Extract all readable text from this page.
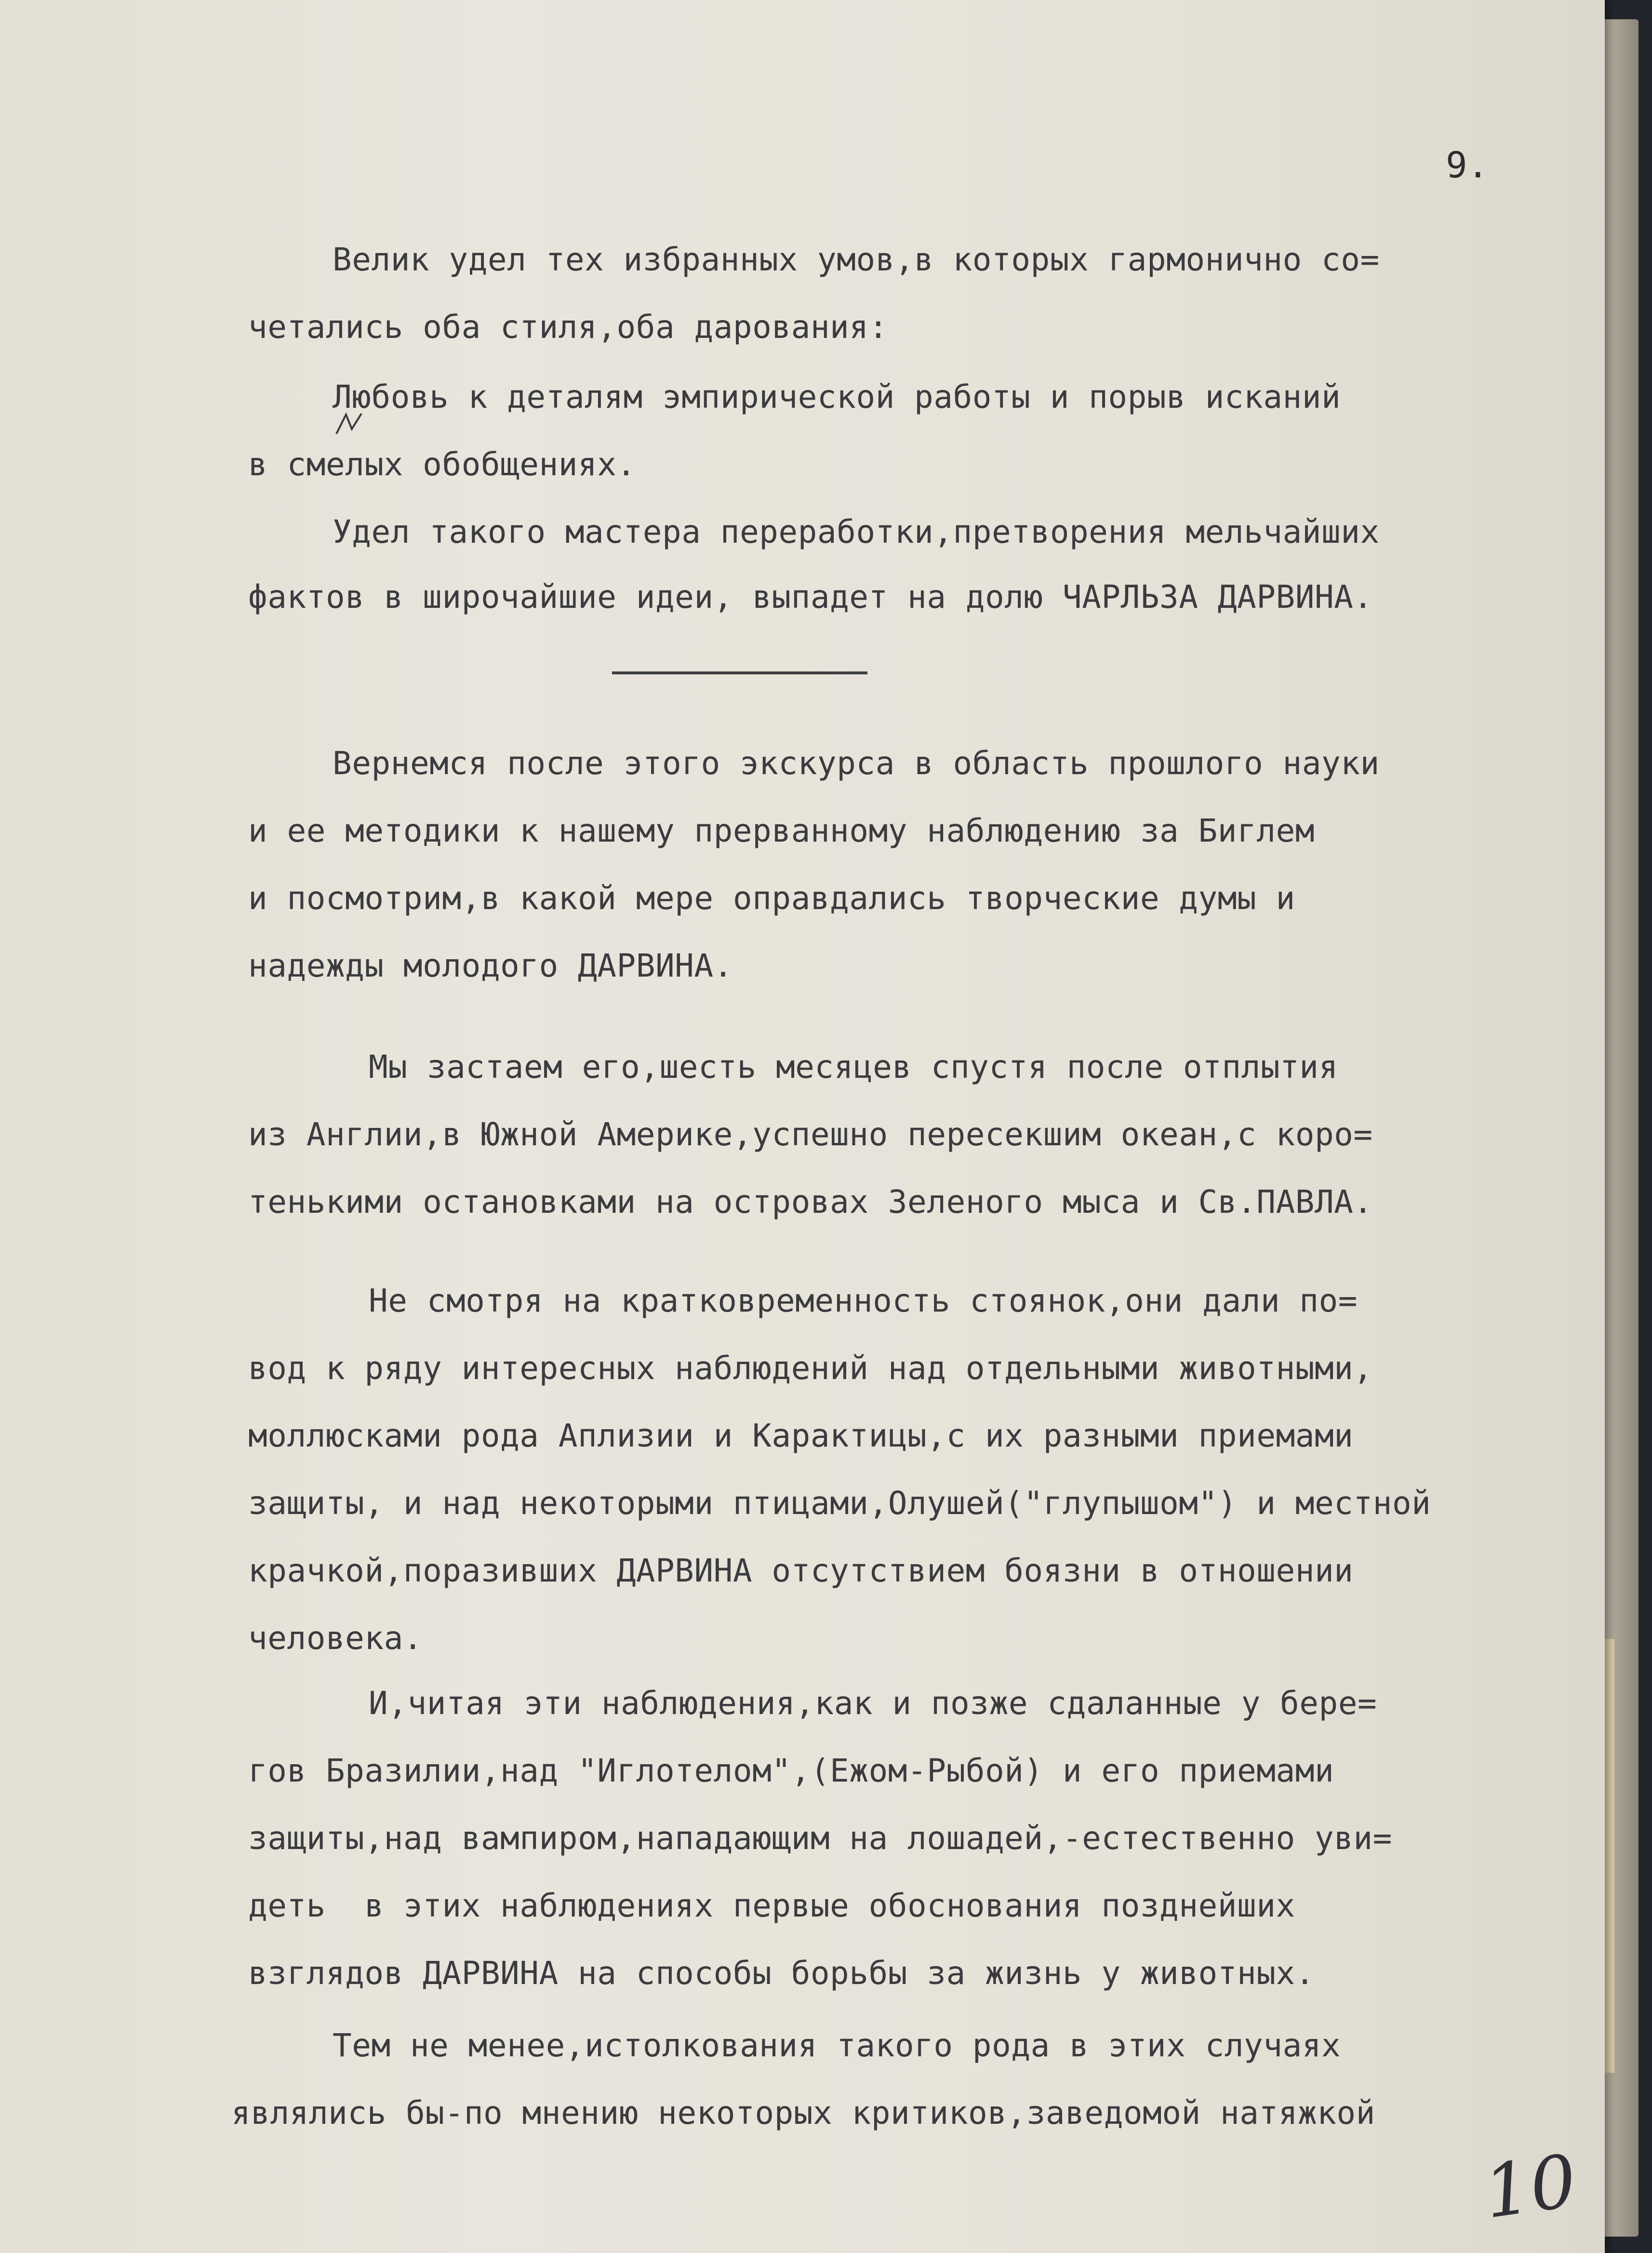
9.
Велик удел тех избранных умов,в которых гармонично со=
четались оба стиля,оба дарования:
Любовь к деталям эмпирической работы и порыв исканий
в смелых обобщениях.
Удел такого мастера переработки,претворения мельчайших
фактов в широчайшие идеи, выпадет на долю ЧАРЛЬЗА ДАРВИНА.
Вернемся после этого экскурса в область прошлого науки
и ее методики к нашему прерванному наблюдению за Биглем
и посмотрим,в какой мере оправдались творческие думы и
надежды молодого ДАРВИНА.
Мы застаем его,шесть месяцев спустя после отплытия
из Англии,в Южной Америке,успешно пересекшим океан,с коро=
тенькими остановками на островах Зеленого мыса и Св.ПАВЛА.
Не смотря на кратковременность стоянок,они дали по=
вод к ряду интересных наблюдений над отдельными животными,
моллюсками рода Аплизии и Карактицы,с их разными приемами
защиты, и над некоторыми птицами,Олушей("глупышом") и местной
крачкой,поразивших ДАРВИНА отсутствием боязни в отношении
человека.
И,читая эти наблюдения,как и позже сдаланные у бере=
гов Бразилии,над "Иглотелом",(Ежом-Рыбой) и его приемами
защиты,над вампиром,нападающим на лошадей,-естественно уви=
деть  в этих наблюдениях первые обоснования позднейших
взглядов ДАРВИНА на способы борьбы за жизнь у животных.
Тем не менее,истолкования такого рода в этих случаях
являлись бы-по мнению некоторых критиков,заведомой натяжкой
10
